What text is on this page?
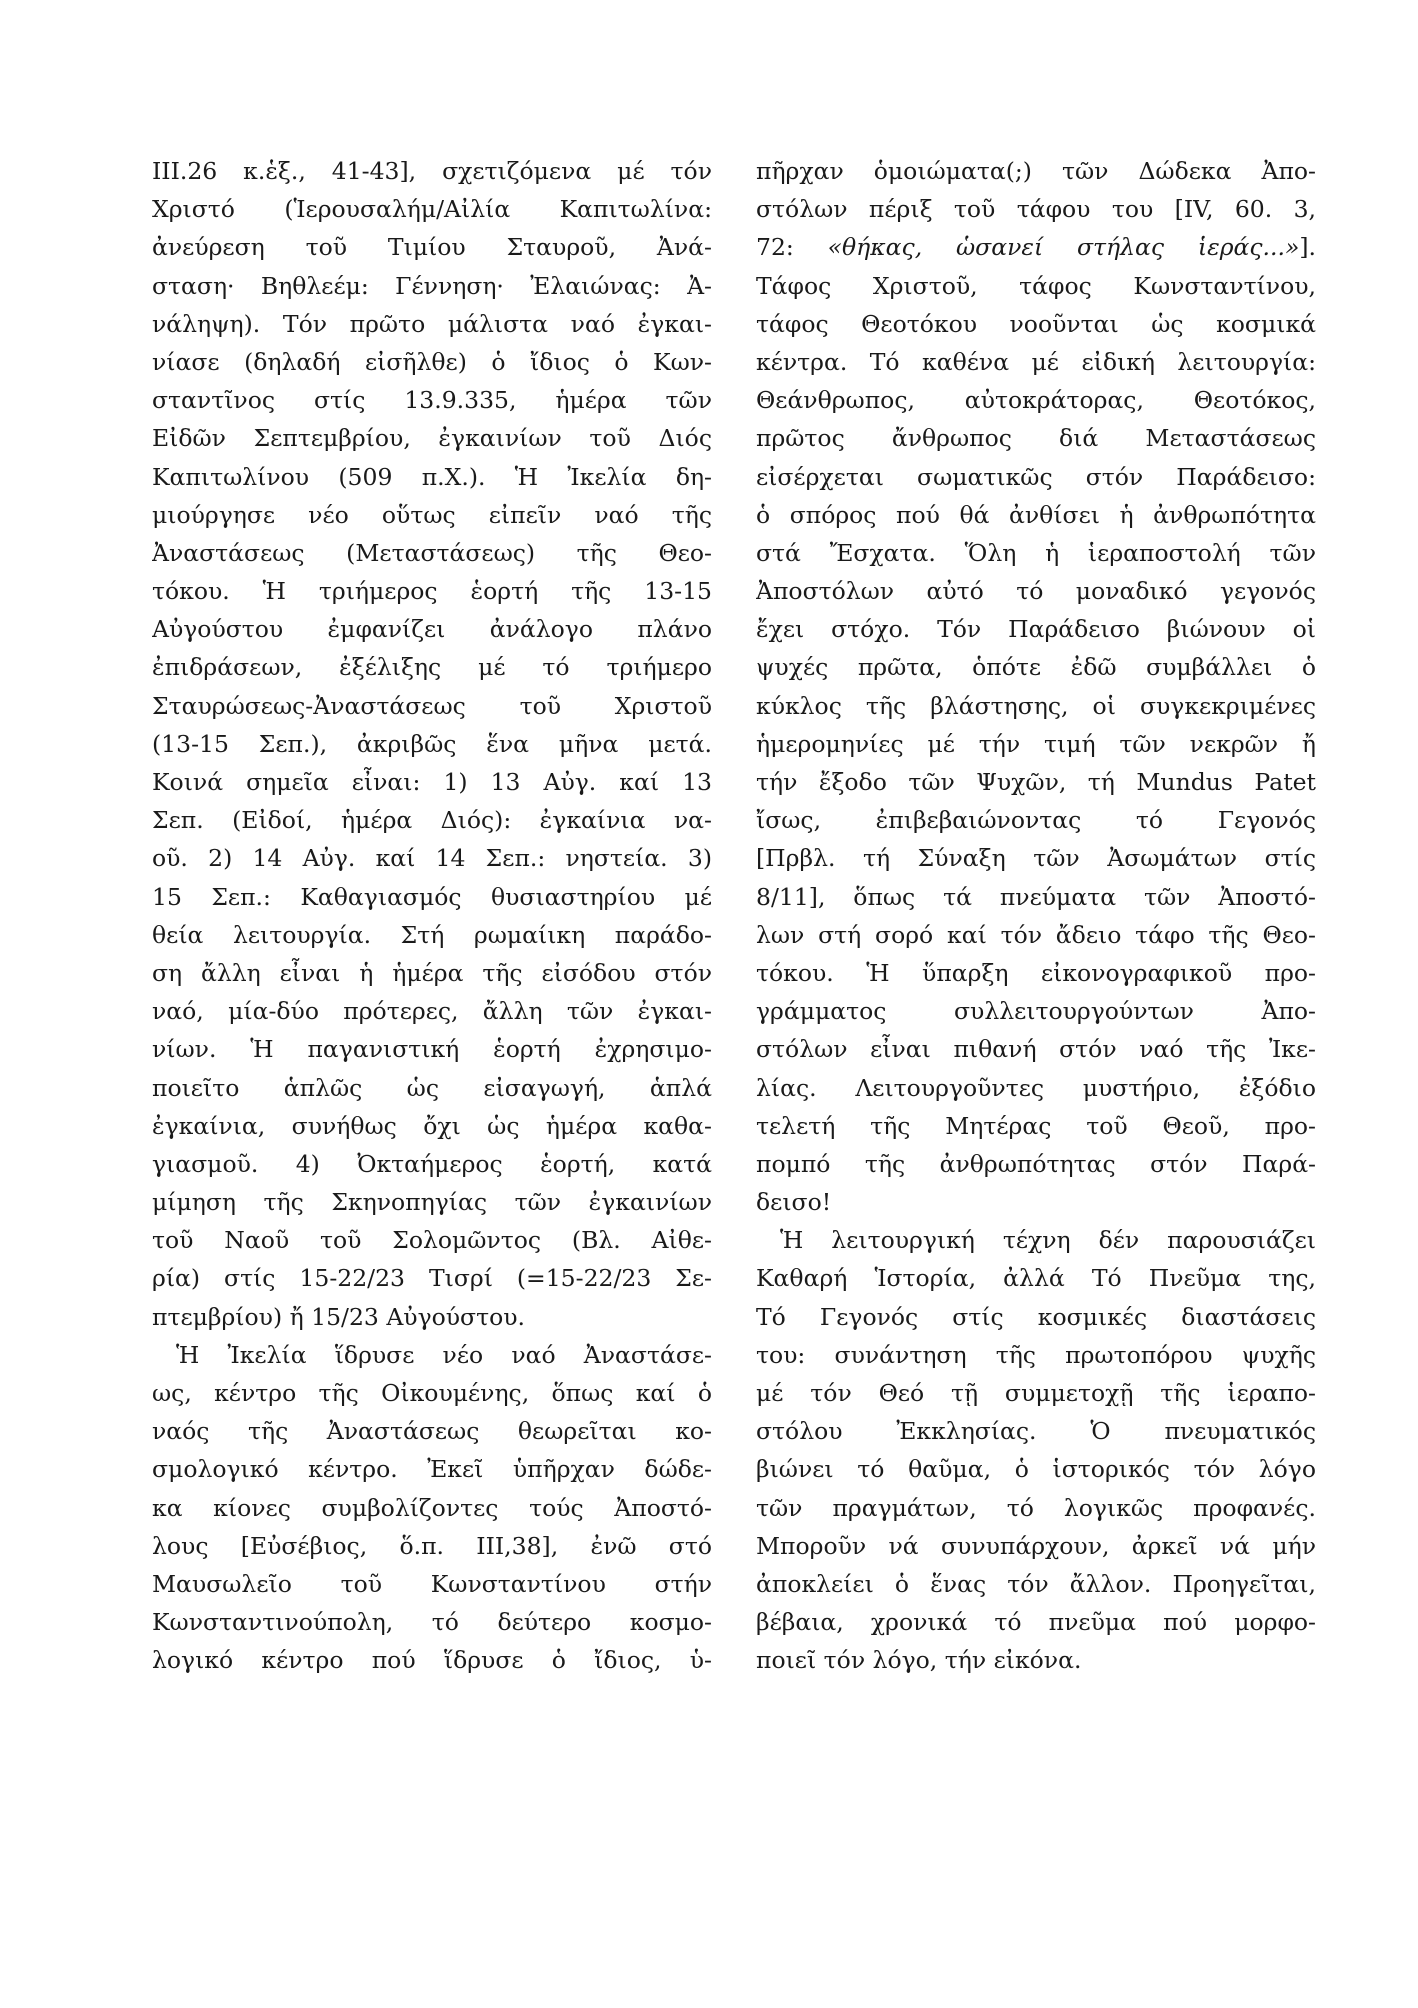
III.26 κ.ἑξ., 41-43], σχετιζόμενα μέ τόν
Χριστό (Ἱερουσαλήμ/Αἰλία Καπιτωλίνα:
ἀνεύρεση τοῦ Τιμίου Σταυροῦ, Ἀνά-
σταση· Βηθλεέμ: Γέννηση· Ἐλαιώνας: Ἀ-
νάληψη). Τόν πρῶτο μάλιστα ναό ἐγκαι-
νίασε (δηλαδή εἰσῆλθε) ὁ ἴδιος ὁ Κων-
σταντῖνος στίς 13.9.335, ἡμέρα τῶν
Εἰδῶν Σεπτεμβρίου, ἐγκαινίων τοῦ Διός
Καπιτωλίνου (509 π.Χ.). Ἡ Ἰκελία δη-
μιούργησε νέο οὕτως εἰπεῖν ναό τῆς
Ἀναστάσεως (Μεταστάσεως) τῆς Θεο-
τόκου. Ἡ τριήμερος ἑορτή τῆς 13-15
Αὐγούστου ἐμφανίζει ἀνάλογο πλάνο
ἐπιδράσεων, ἐξέλιξης μέ τό τριήμερο
Σταυρώσεως-Ἀναστάσεως τοῦ Χριστοῦ
(13-15 Σεπ.), ἀκριβῶς ἕνα μῆνα μετά.
Κοινά σημεῖα εἶναι: 1) 13 Αὐγ. καί 13
Σεπ. (Εἰδοί, ἡμέρα Διός): ἐγκαίνια να-
οῦ. 2) 14 Αὐγ. καί 14 Σεπ.: νηστεία. 3)
15 Σεπ.: Καθαγιασμός θυσιαστηρίου μέ
θεία λειτουργία. Στή ρωμαίικη παράδο-
ση ἄλλη εἶναι ἡ ἡμέρα τῆς εἰσόδου στόν
ναό, μία-δύο πρότερες, ἄλλη τῶν ἐγκαι-
νίων. Ἡ παγανιστική ἑορτή ἐχρησιμο-
ποιεῖτο ἁπλῶς ὡς εἰσαγωγή, ἁπλά
ἐγκαίνια, συνήθως ὄχι ὡς ἡμέρα καθα-
γιασμοῦ. 4) Ὀκταήμερος ἑορτή, κατά
μίμηση τῆς Σκηνοπηγίας τῶν ἐγκαινίων
τοῦ Ναοῦ τοῦ Σολομῶντος (Βλ. Αἰθε-
ρία) στίς 15-22/23 Τισρί (=15-22/23 Σε-
πτεμβρίου) ἤ 15/23 Αὐγούστου.
Ἡ Ἰκελία ἵδρυσε νέο ναό Ἀναστάσε-
ως, κέντρο τῆς Οἰκουμένης, ὅπως καί ὁ
ναός τῆς Ἀναστάσεως θεωρεῖται κο-
σμολογικό κέντρο. Ἐκεῖ ὑπῆρχαν δώδε-
κα κίονες συμβολίζοντες τούς Ἀποστό-
λους [Εὐσέβιος, ὅ.π. III,38], ἐνῶ στό
Μαυσωλεῖο τοῦ Κωνσταντίνου στήν
Κωνσταντινούπολη, τό δεύτερο κοσμο-
λογικό κέντρο πού ἵδρυσε ὁ ἴδιος, ὑ-
πῆρχαν ὁμοιώματα(;) τῶν Δώδεκα Ἀπο-
στόλων πέριξ τοῦ τάφου του [IV, 60. 3,
72: «θήκας, ὡσανεί στήλας ἱεράς...»].
Τάφος Χριστοῦ, τάφος Κωνσταντίνου,
τάφος Θεοτόκου νοοῦνται ὡς κοσμικά
κέντρα. Τό καθένα μέ εἰδική λειτουργία:
Θεάνθρωπος, αὐτοκράτορας, Θεοτόκος,
πρῶτος ἄνθρωπος διά Μεταστάσεως
εἰσέρχεται σωματικῶς στόν Παράδεισο:
ὁ σπόρος πού θά ἀνθίσει ἡ ἀνθρωπότητα
στά Ἔσχατα. Ὅλη ἡ ἱεραποστολή τῶν
Ἀποστόλων αὐτό τό μοναδικό γεγονός
ἔχει στόχο. Τόν Παράδεισο βιώνουν οἱ
ψυχές πρῶτα, ὁπότε ἐδῶ συμβάλλει ὁ
κύκλος τῆς βλάστησης, οἱ συγκεκριμένες
ἡμερομηνίες μέ τήν τιμή τῶν νεκρῶν ἤ
τήν ἔξοδο τῶν Ψυχῶν, τή Mundus Patet
ἴσως, ἐπιβεβαιώνοντας τό Γεγονός
[Πρβλ. τή Σύναξη τῶν Ἀσωμάτων στίς
8/11], ὅπως τά πνεύματα τῶν Ἀποστό-
λων στή σορό καί τόν ἄδειο τάφο τῆς Θεο-
τόκου. Ἡ ὕπαρξη εἰκονογραφικοῦ προ-
γράμματος συλλειτουργούντων Ἀπο-
στόλων εἶναι πιθανή στόν ναό τῆς Ἰκε-
λίας. Λειτουργοῦντες μυστήριο, ἐξόδιο
τελετή τῆς Μητέρας τοῦ Θεοῦ, προ-
πομπό τῆς ἀνθρωπότητας στόν Παρά-
δεισο!
Ἡ λειτουργική τέχνη δέν παρουσιάζει
Καθαρή Ἱστορία, ἀλλά Τό Πνεῦμα της,
Τό Γεγονός στίς κοσμικές διαστάσεις
του: συνάντηση τῆς πρωτοπόρου ψυχῆς
μέ τόν Θεό τῇ συμμετοχῇ τῆς ἱεραπο-
στόλου Ἐκκλησίας. Ὁ πνευματικός
βιώνει τό θαῦμα, ὁ ἱστορικός τόν λόγο
τῶν πραγμάτων, τό λογικῶς προφανές.
Μποροῦν νά συνυπάρχουν, ἀρκεῖ νά μήν
ἀποκλείει ὁ ἕνας τόν ἄλλον. Προηγεῖται,
βέβαια, χρονικά τό πνεῦμα πού μορφο-
ποιεῖ τόν λόγο, τήν εἰκόνα.
